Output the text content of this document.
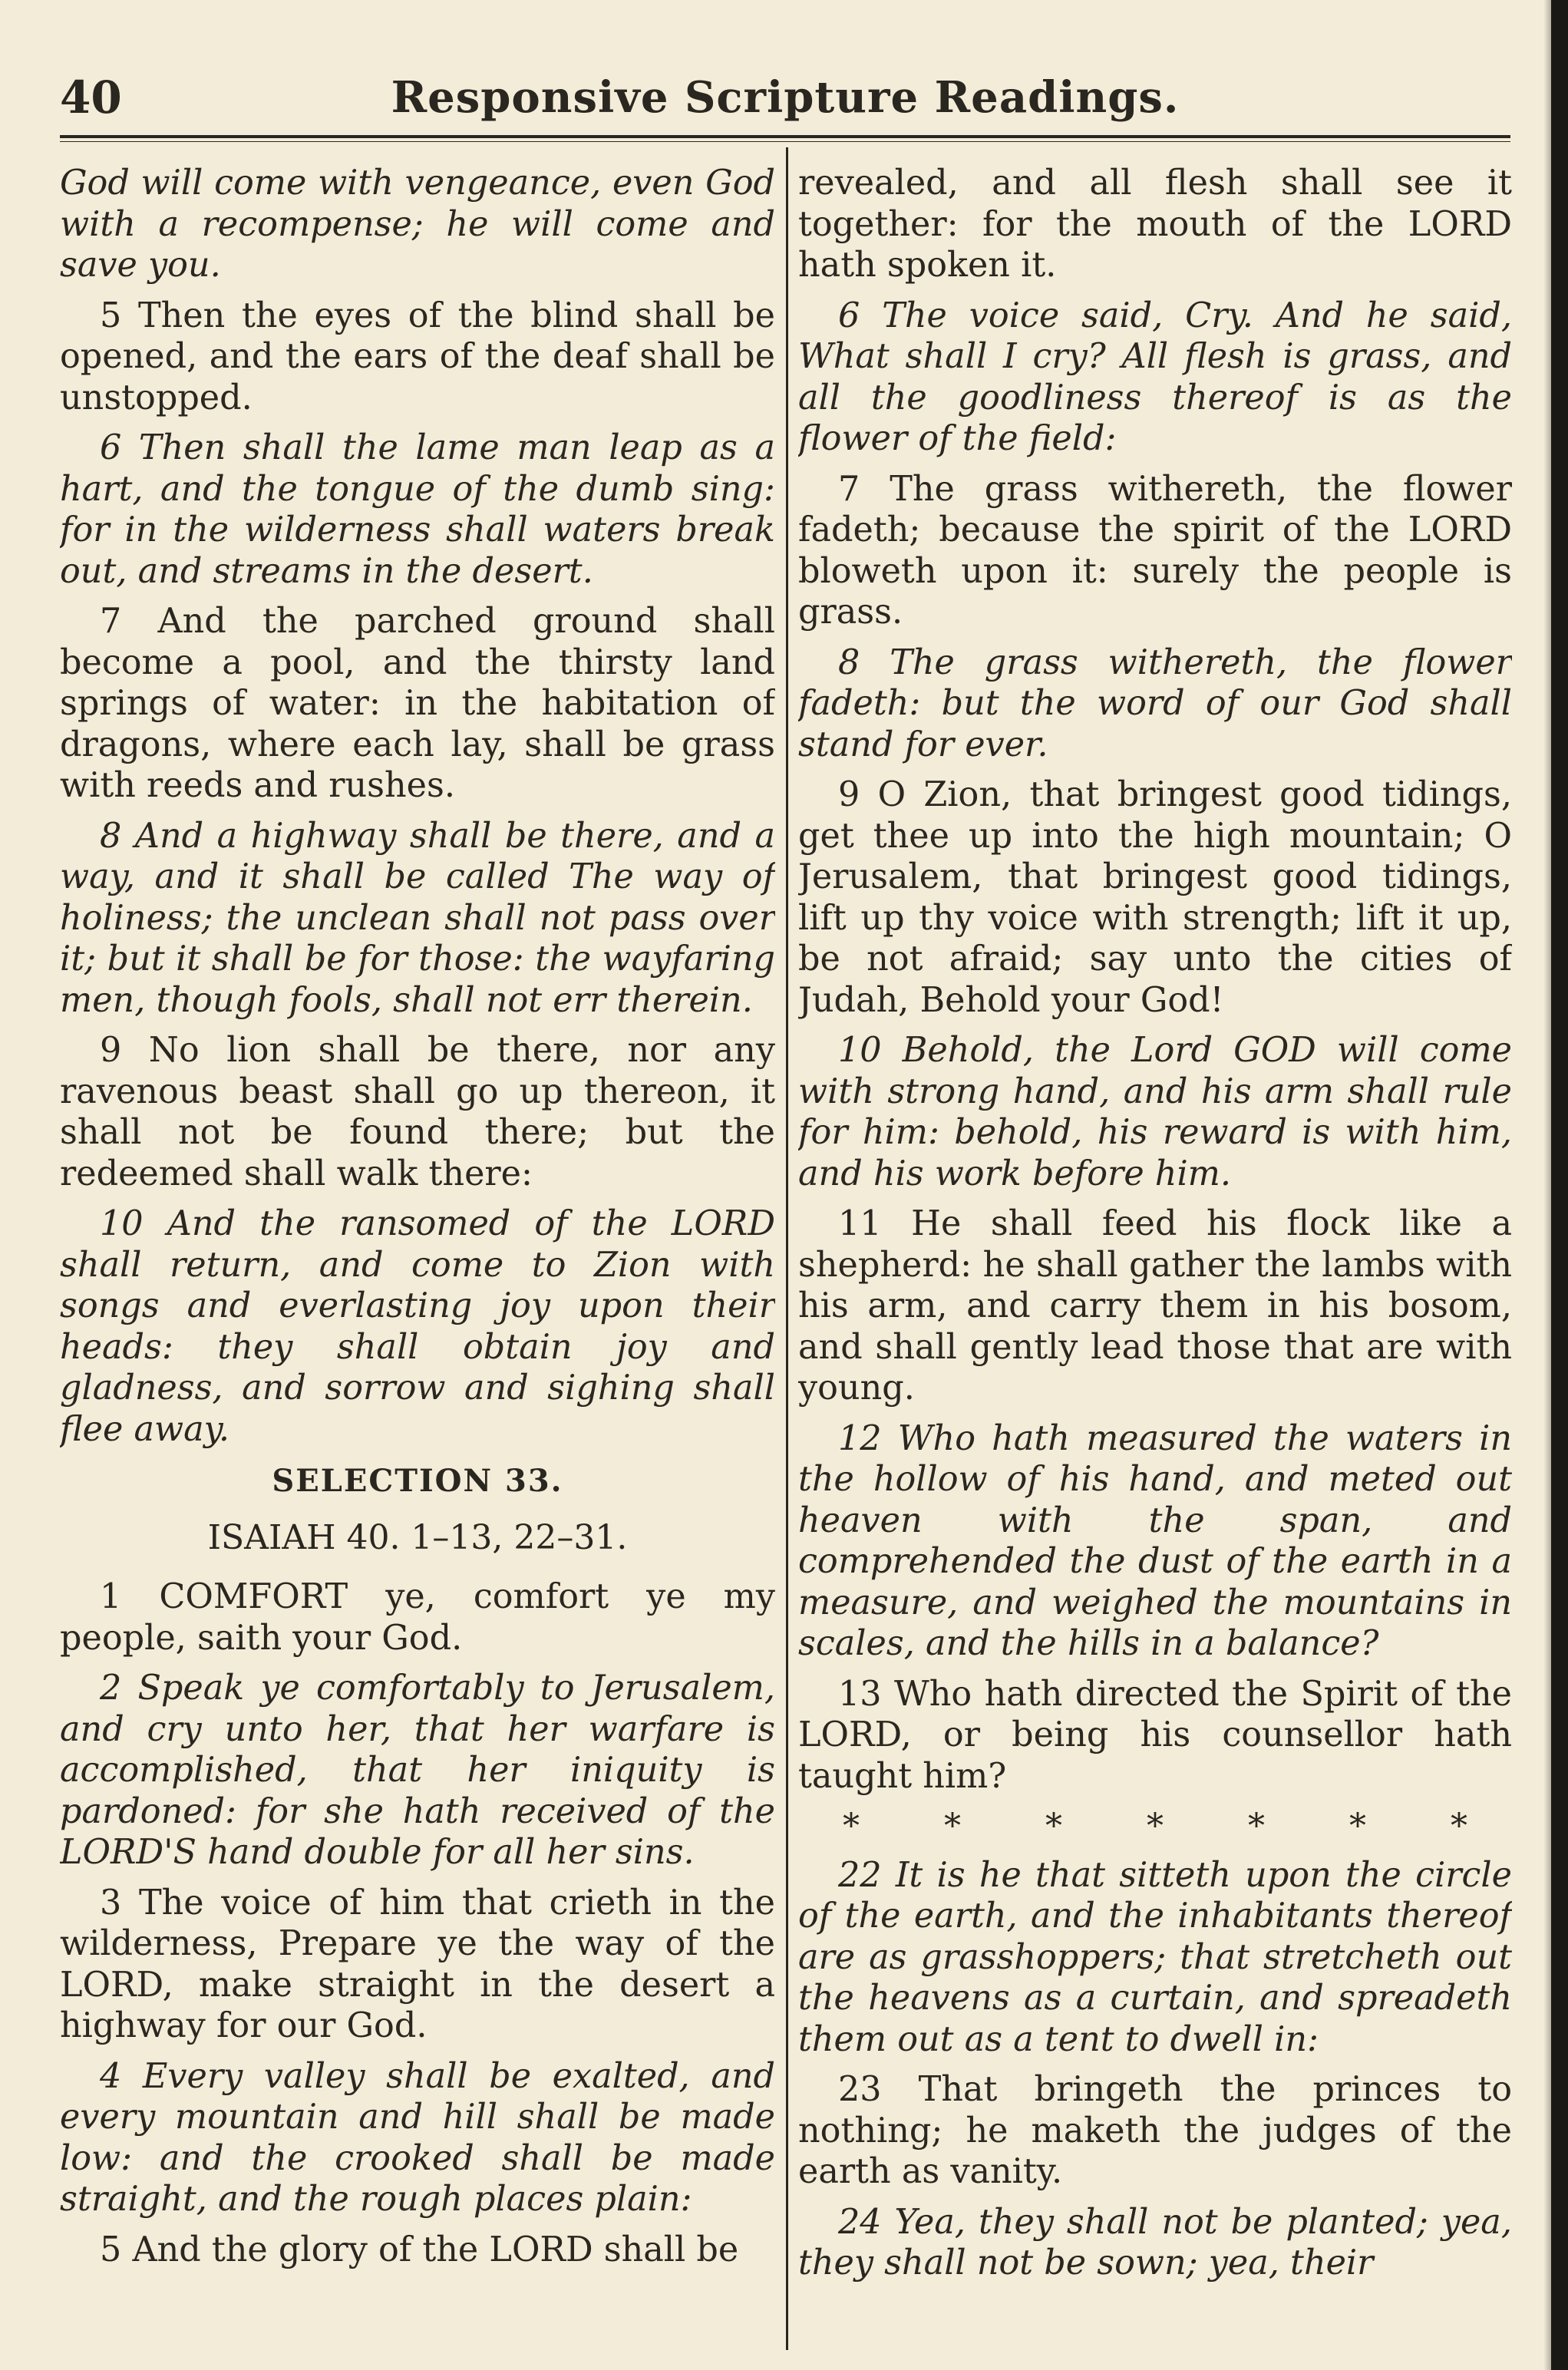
40	Responsive Scripture Readings.

God will come with vengeance, even God with a recompense; he will come and save you.

5 Then the eyes of the blind shall be opened, and the ears of the deaf shall be unstopped.

6 Then shall the lame man leap as a hart, and the tongue of the dumb sing: for in the wilderness shall waters break out, and streams in the desert.

7 And the parched ground shall become a pool, and the thirsty land springs of water: in the habitation of dragons, where each lay, shall be grass with reeds and rushes.

8 And a highway shall be there, and a way, and it shall be called The way of holiness; the unclean shall not pass over it; but it shall be for those: the wayfaring men, though fools, shall not err therein.

9 No lion shall be there, nor any ravenous beast shall go up thereon, it shall not be found there; but the redeemed shall walk there:

10 And the ransomed of the LORD shall return, and come to Zion with songs and everlasting joy upon their heads: they shall obtain joy and gladness, and sorrow and sighing shall flee away.

SELECTION 33.
ISAIAH 40. 1–13, 22–31.

1 COMFORT ye, comfort ye my people, saith your God.

2 Speak ye comfortably to Jerusalem, and cry unto her, that her warfare is accomplished, that her iniquity is pardoned: for she hath received of the LORD'S hand double for all her sins.

3 The voice of him that crieth in the wilderness, Prepare ye the way of the LORD, make straight in the desert a highway for our God.

4 Every valley shall be exalted, and every mountain and hill shall be made low: and the crooked shall be made straight, and the rough places plain:

5 And the glory of the LORD shall be

revealed, and all flesh shall see it together: for the mouth of the LORD hath spoken it.

6 The voice said, Cry. And he said, What shall I cry? All flesh is grass, and all the goodliness thereof is as the flower of the field:

7 The grass withereth, the flower fadeth; because the spirit of the LORD bloweth upon it: surely the people is grass.

8 The grass withereth, the flower fadeth: but the word of our God shall stand for ever.

9 O Zion, that bringest good tidings, get thee up into the high mountain; O Jerusalem, that bringest good tidings, lift up thy voice with strength; lift it up, be not afraid; say unto the cities of Judah, Behold your God!

10 Behold, the Lord GOD will come with strong hand, and his arm shall rule for him: behold, his reward is with him, and his work before him.

11 He shall feed his flock like a shepherd: he shall gather the lambs with his arm, and carry them in his bosom, and shall gently lead those that are with young.

12 Who hath measured the waters in the hollow of his hand, and meted out heaven with the span, and comprehended the dust of the earth in a measure, and weighed the mountains in scales, and the hills in a balance?

13 Who hath directed the Spirit of the LORD, or being his counsellor hath taught him?

* * * * * * *

22 It is he that sitteth upon the circle of the earth, and the inhabitants thereof are as grasshoppers; that stretcheth out the heavens as a curtain, and spreadeth them out as a tent to dwell in:

23 That bringeth the princes to nothing; he maketh the judges of the earth as vanity.

24 Yea, they shall not be planted; yea, they shall not be sown; yea, their
